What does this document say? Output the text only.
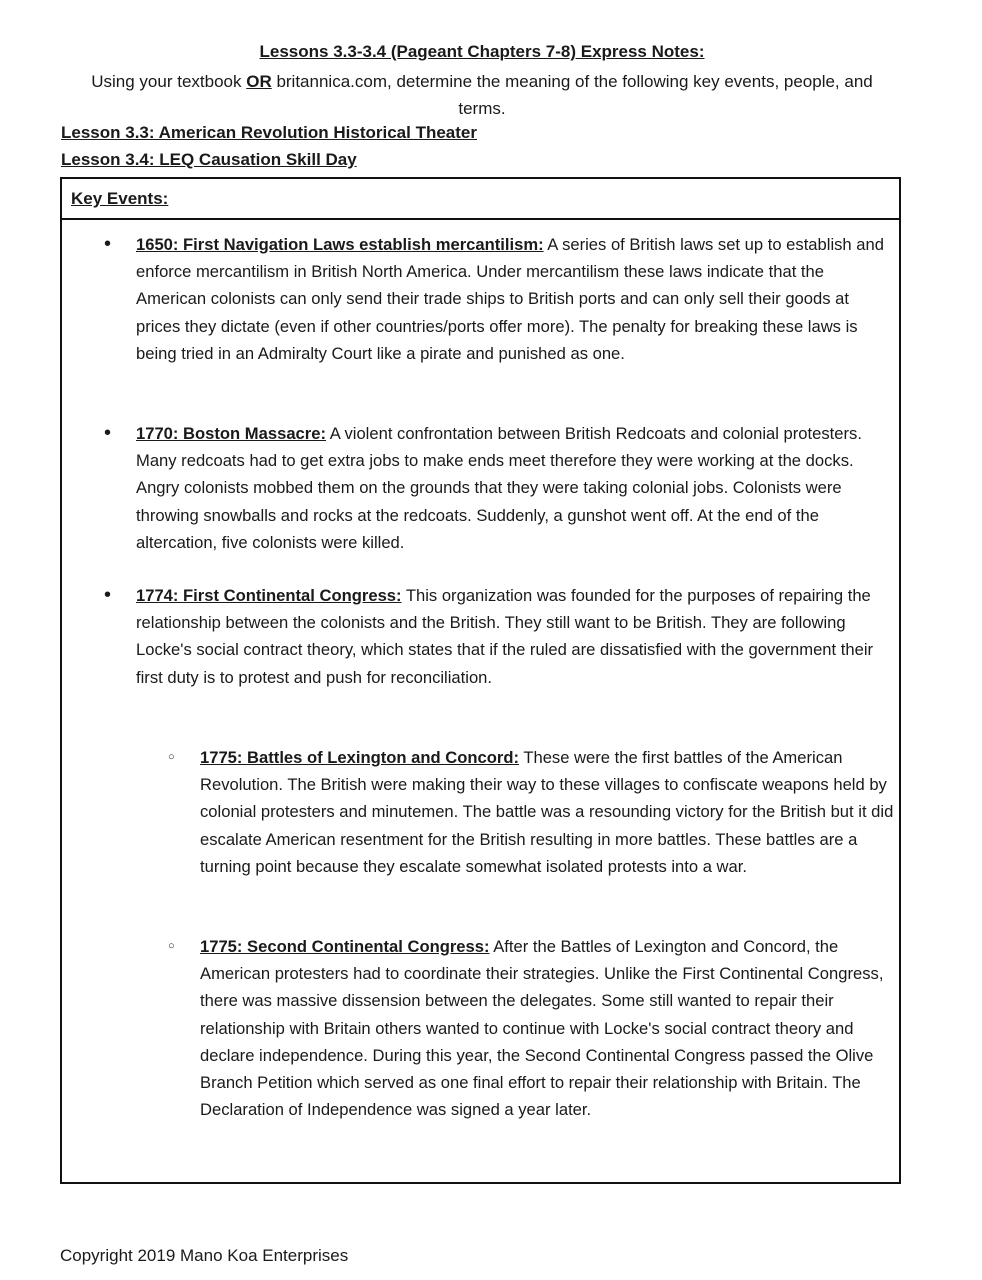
Lessons 3.3-3.4 (Pageant Chapters 7-8) Express Notes:
Using your textbook OR britannica.com, determine the meaning of the following key events, people, and terms.
Lesson 3.3: American Revolution Historical Theater
Lesson 3.4: LEQ Causation Skill Day
Key Events:
• 1650: First Navigation Laws establish mercantilism: A series of British laws set up to establish and enforce mercantilism in British North America. Under mercantilism these laws indicate that the American colonists can only send their trade ships to British ports and can only sell their goods at prices they dictate (even if other countries/ports offer more). The penalty for breaking these laws is being tried in an Admiralty Court like a pirate and punished as one.
• 1770: Boston Massacre: A violent confrontation between British Redcoats and colonial protesters. Many redcoats had to get extra jobs to make ends meet therefore they were working at the docks. Angry colonists mobbed them on the grounds that they were taking colonial jobs. Colonists were throwing snowballs and rocks at the redcoats. Suddenly, a gunshot went off. At the end of the altercation, five colonists were killed.
• 1774: First Continental Congress: This organization was founded for the purposes of repairing the relationship between the colonists and the British. They still want to be British. They are following Locke's social contract theory, which states that if the ruled are dissatisfied with the government their first duty is to protest and push for reconciliation.
○ 1775: Battles of Lexington and Concord: These were the first battles of the American Revolution. The British were making their way to these villages to confiscate weapons held by colonial protesters and minutemen. The battle was a resounding victory for the British but it did escalate American resentment for the British resulting in more battles. These battles are a turning point because they escalate somewhat isolated protests into a war.
○ 1775: Second Continental Congress: After the Battles of Lexington and Concord, the American protesters had to coordinate their strategies. Unlike the First Continental Congress, there was massive dissension between the delegates. Some still wanted to repair their relationship with Britain others wanted to continue with Locke's social contract theory and declare independence. During this year, the Second Continental Congress passed the Olive Branch Petition which served as one final effort to repair their relationship with Britain. The Declaration of Independence was signed a year later.
Copyright 2019 Mano Koa Enterprises
